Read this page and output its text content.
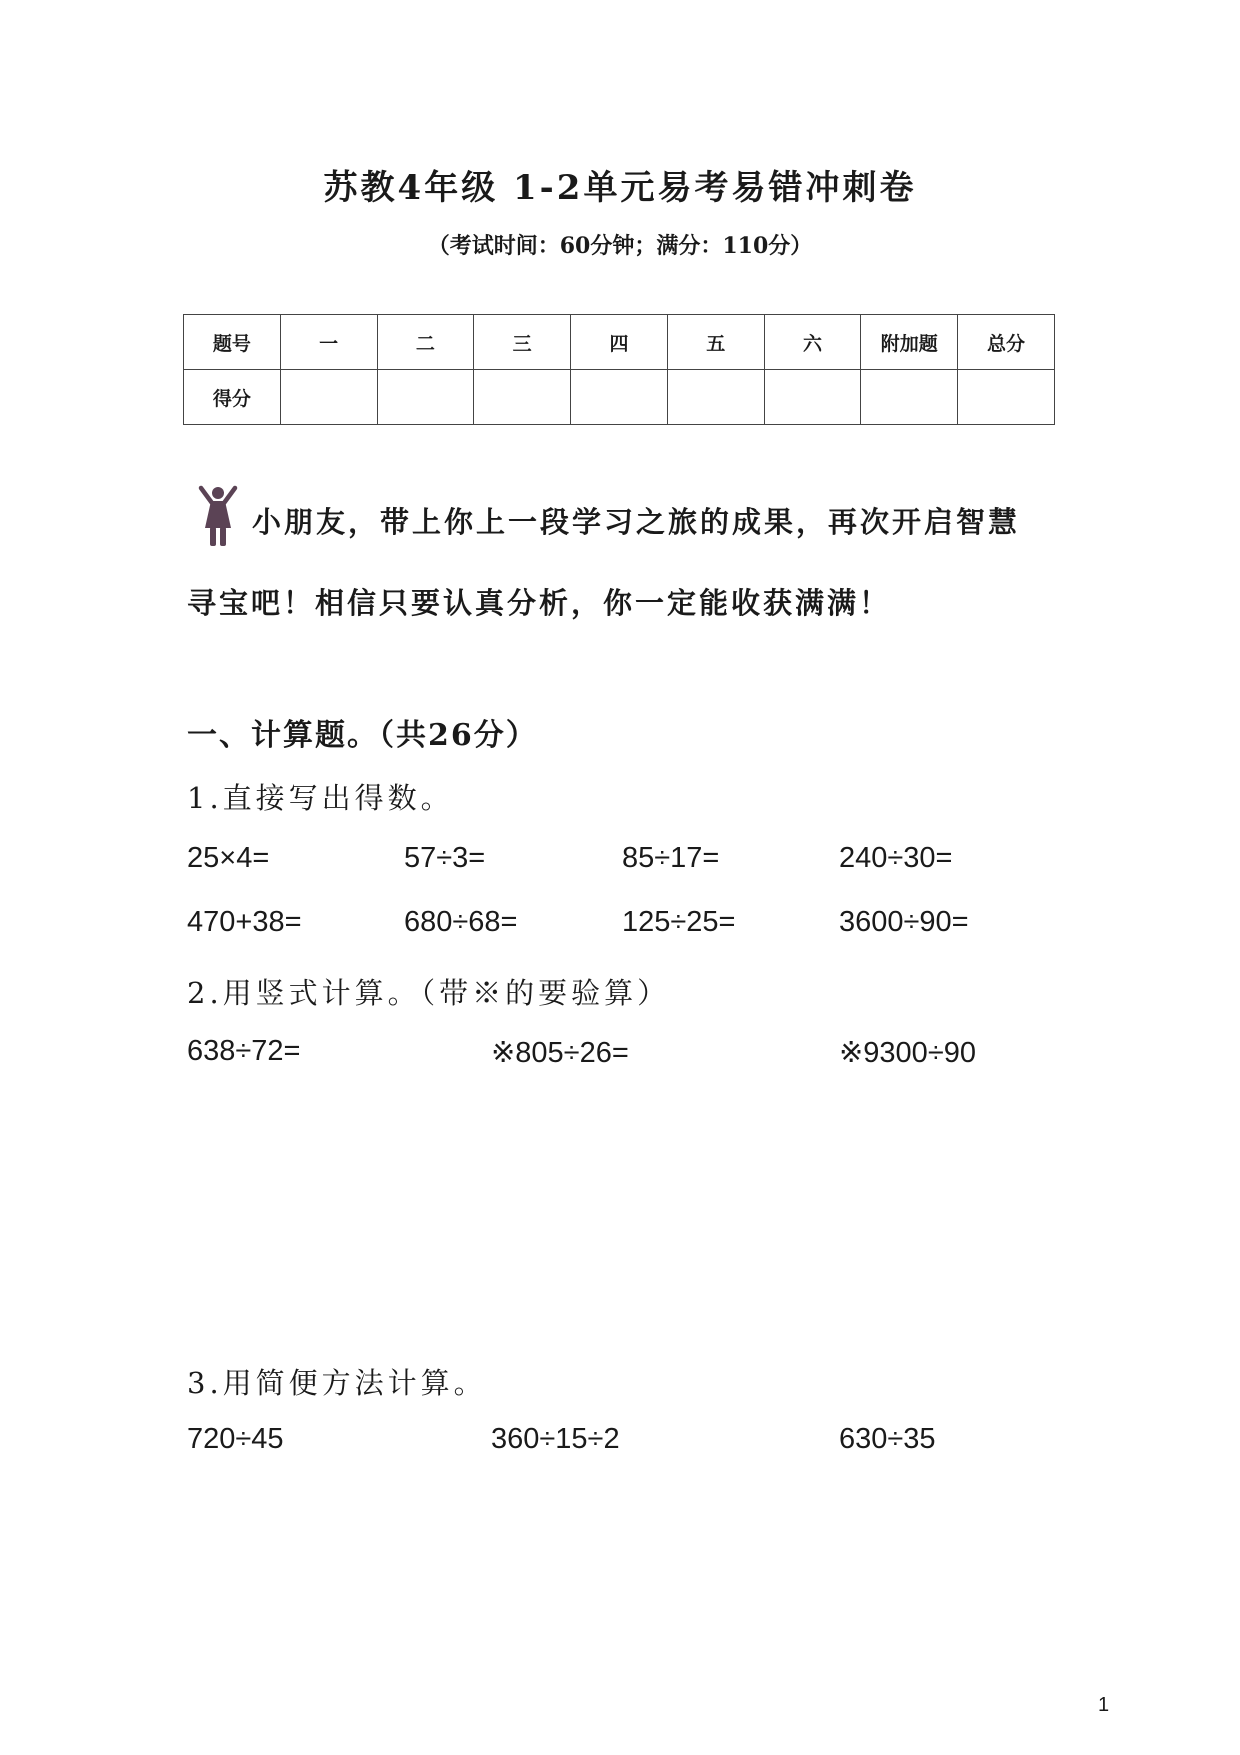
苏教4年级 1-2单元易考易错冲刺卷
（考试时间：60分钟；满分：110分）
题号	一	二	三	四	五	六	附加题	总分
得分								
小朋友，带上你上一段学习之旅的成果，再次开启智慧
寻宝吧！相信只要认真分析，你一定能收获满满！
一、计算题。（共26分）
1.直接写出得数。
25×4=	57÷3=	85÷17=	240÷30=
470+38=	680÷68=	125÷25=	3600÷90=
2.用竖式计算。（带※的要验算）
638÷72=	※805÷26=	※9300÷90
3.用简便方法计算。
720÷45	360÷15÷2	630÷35
1
